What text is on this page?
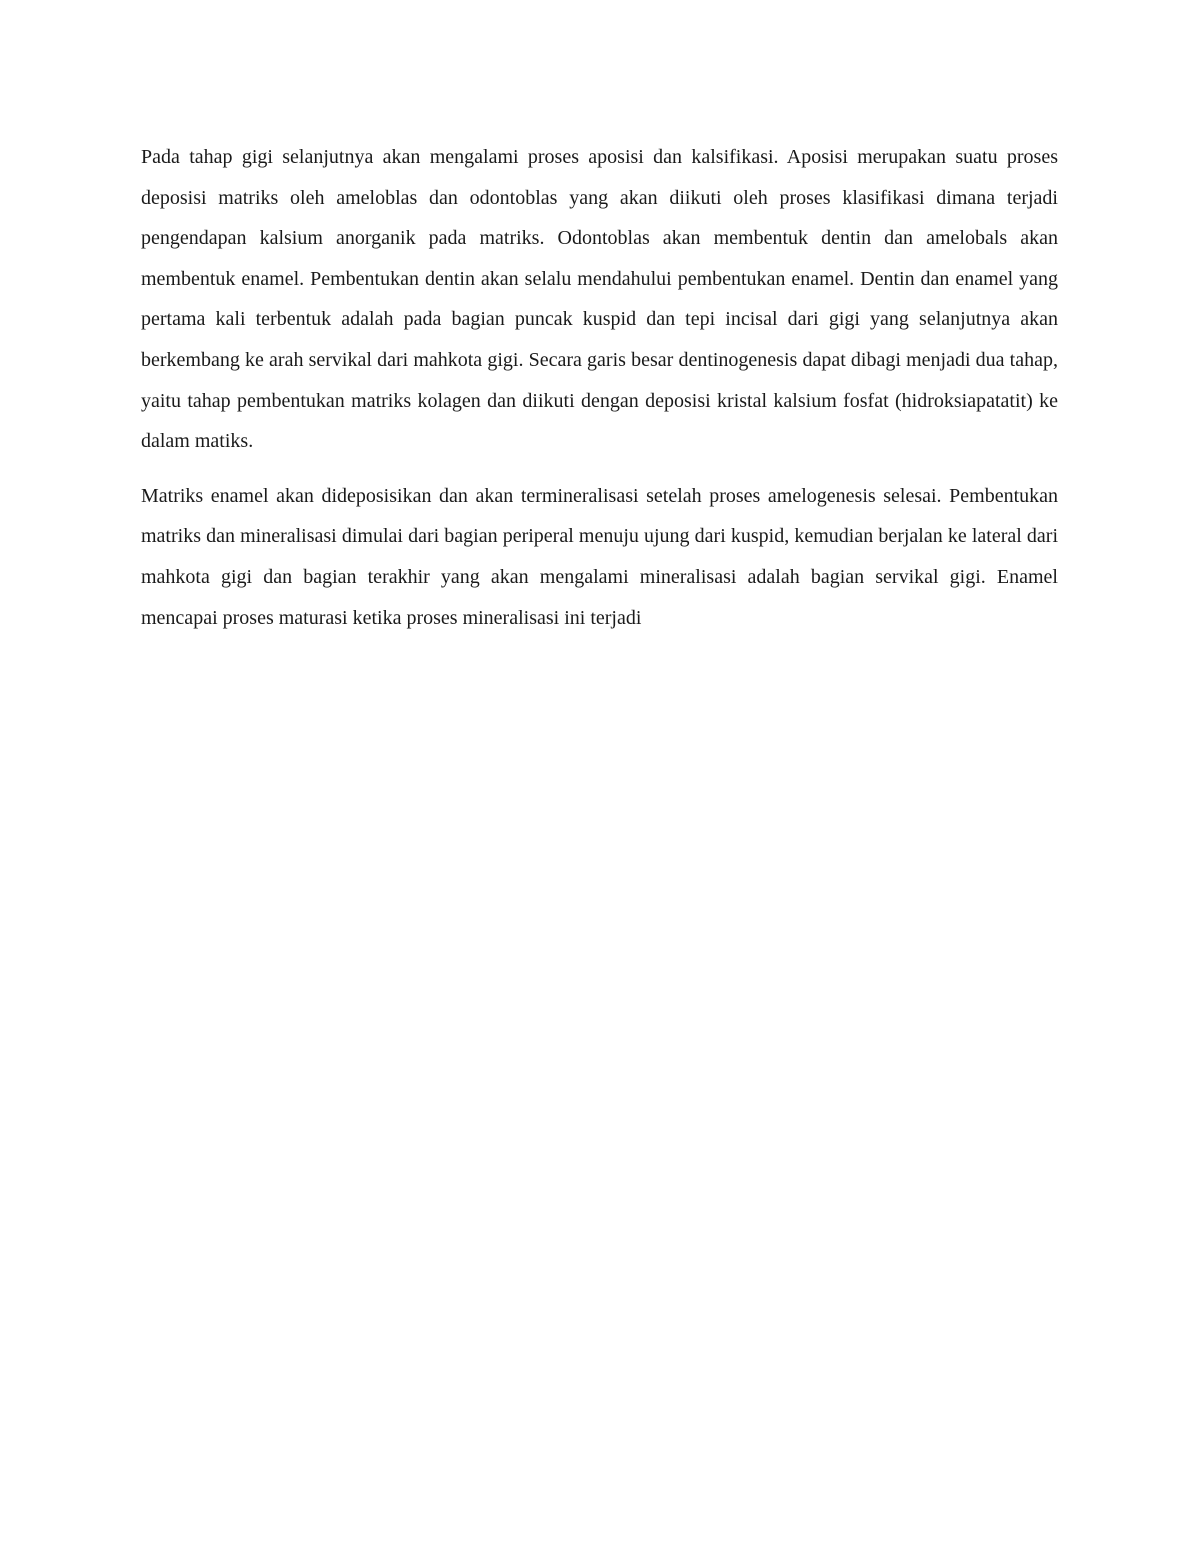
Pada tahap gigi selanjutnya akan mengalami proses aposisi dan kalsifikasi. Aposisi merupakan suatu proses deposisi matriks oleh ameloblas dan odontoblas yang akan diikuti oleh proses klasifikasi dimana terjadi pengendapan kalsium anorganik pada matriks. Odontoblas akan membentuk dentin dan amelobals akan membentuk enamel. Pembentukan dentin akan selalu mendahului pembentukan enamel. Dentin dan enamel yang pertama kali terbentuk adalah pada bagian puncak kuspid dan tepi incisal dari gigi yang selanjutnya akan berkembang ke arah servikal dari mahkota gigi. Secara garis besar dentinogenesis dapat dibagi menjadi dua tahap, yaitu tahap pembentukan matriks kolagen dan diikuti dengan deposisi kristal kalsium fosfat (hidroksiapatatit) ke dalam matiks.

Matriks enamel akan dideposisikan dan akan termineralisasi setelah proses amelogenesis selesai. Pembentukan matriks dan mineralisasi dimulai dari bagian periperal menuju ujung dari kuspid, kemudian berjalan ke lateral dari mahkota gigi dan bagian terakhir yang akan mengalami mineralisasi adalah bagian servikal gigi. Enamel mencapai proses maturasi ketika proses mineralisasi ini terjadi
